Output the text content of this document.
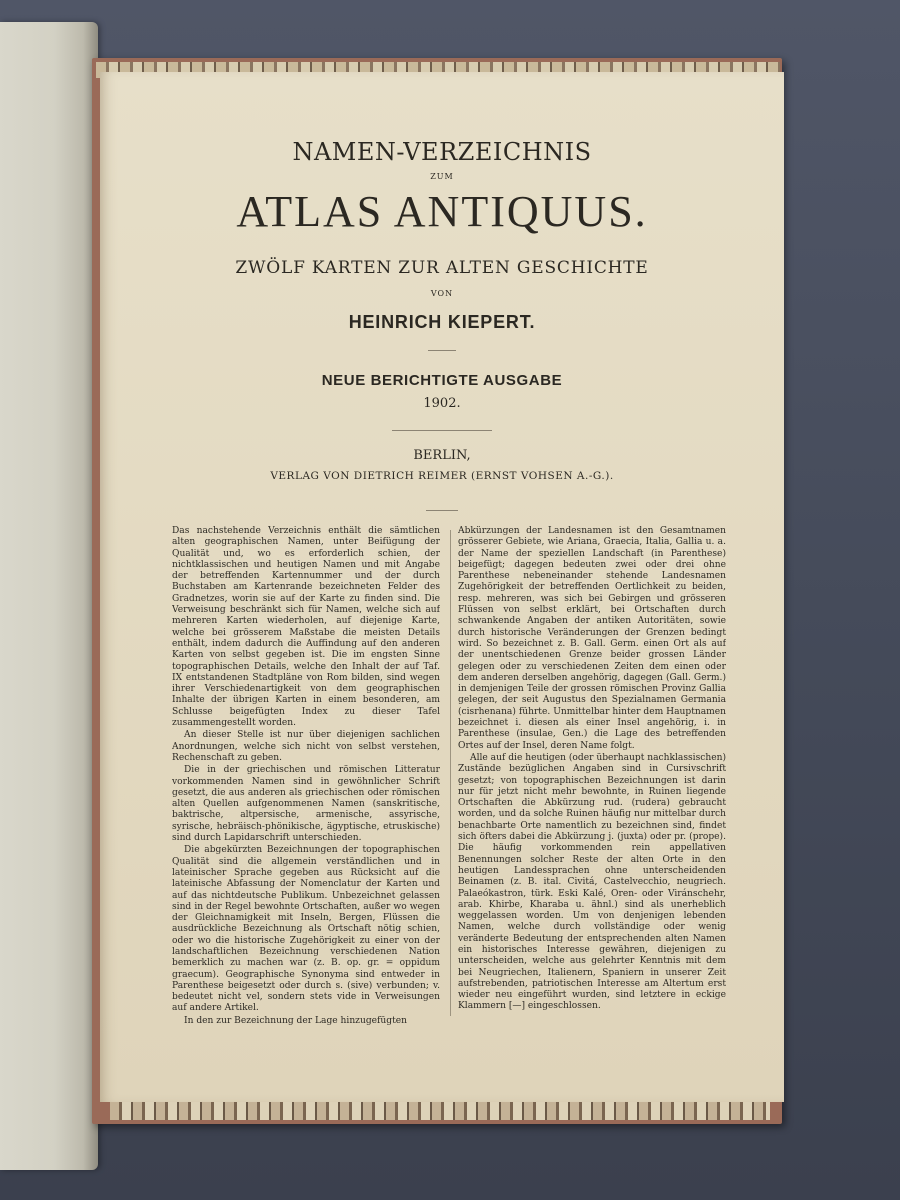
NAMEN-VERZEICHNIS
ZUM
ATLAS ANTIQUUS.
ZWÖLF KARTEN ZUR ALTEN GESCHICHTE
VON
HEINRICH KIEPERT.
NEUE BERICHTIGTE AUSGABE
1902.
BERLIN,
VERLAG VON DIETRICH REIMER (ERNST VOHSEN A.-G.).

Das nachstehende Verzeichnis enthält die sämtlichen alten geographischen Namen, unter Beifügung der Qualität und, wo es erforderlich schien, der nichtklassischen und heutigen Namen und mit Angabe der betreffenden Kartennummer und der durch Buchstaben am Kartenrande bezeichneten Felder des Gradnetzes, worin sie auf der Karte zu finden sind. Die Verweisung beschränkt sich für Namen, welche sich auf mehreren Karten wiederholen, auf diejenige Karte, welche bei grösserem Maßstabe die meisten Details enthält, indem dadurch die Auffindung auf den anderen Karten von selbst gegeben ist. Die im engsten Sinne topographischen Details, welche den Inhalt der auf Taf. IX entstandenen Stadtpläne von Rom bilden, sind wegen ihrer Verschiedenartigkeit von dem geographischen Inhalte der übrigen Karten in einem besonderen, am Schlusse beigefügten Index zu dieser Tafel zusammengestellt worden.

An dieser Stelle ist nur über diejenigen sachlichen Anordnungen, welche sich nicht von selbst verstehen, Rechenschaft zu geben.

Die in der griechischen und römischen Litteratur vorkommenden Namen sind in gewöhnlicher Schrift gesetzt, die aus anderen als griechischen oder römischen alten Quellen aufgenommenen Namen (sanskritische, baktrische, altpersische, armenische, assyrische, syrische, hebräisch-phönikische, ägyptische, etruskische) sind durch Lapidarschrift unterschieden.

Die abgekürzten Bezeichnungen der topographischen Qualität sind die allgemein verständlichen und in lateinischer Sprache gegeben aus Rücksicht auf die lateinische Abfassung der Nomenclatur der Karten und auf das nichtdeutsche Publikum. Unbezeichnet gelassen sind in der Regel bewohnte Ortschaften, außer wo wegen der Gleichnamigkeit mit Inseln, Bergen, Flüssen die ausdrückliche Bezeichnung als Ortschaft nötig schien, oder wo die historische Zugehörigkeit zu einer von der landschaftlichen Bezeichnung verschiedenen Nation bemerklich zu machen war (z. B. op. gr. = oppidum graecum). Geographische Synonyma sind entweder in Parenthese beigesetzt oder durch s. (sive) verbunden; v. bedeutet nicht vel, sondern stets vide in Verweisungen auf andere Artikel.

In den zur Bezeichnung der Lage hinzugefügten

Abkürzungen der Landesnamen ist den Gesamtnamen grösserer Gebiete, wie Ariana, Graecia, Italia, Gallia u. a. der Name der speziellen Landschaft (in Parenthese) beigefügt; dagegen bedeuten zwei oder drei ohne Parenthese nebeneinander stehende Landesnamen Zugehörigkeit der betreffenden Oertlichkeit zu beiden, resp. mehreren, was sich bei Gebirgen und grösseren Flüssen von selbst erklärt, bei Ortschaften durch schwankende Angaben der antiken Autoritäten, sowie durch historische Veränderungen der Grenzen bedingt wird. So bezeichnet z. B. Gall. Germ. einen Ort als auf der unentschiedenen Grenze beider grossen Länder gelegen oder zu verschiedenen Zeiten dem einen oder dem anderen derselben angehörig, dagegen (Gall. Germ.) in demjenigen Teile der grossen römischen Provinz Gallia gelegen, der seit Augustus den Spezialnamen Germania (cisrhenana) führte. Unmittelbar hinter dem Hauptnamen bezeichnet i. diesen als einer Insel angehörig, i. in Parenthese (insulae, Gen.) die Lage des betreffenden Ortes auf der Insel, deren Name folgt.

Alle auf die heutigen (oder überhaupt nachklassischen) Zustände bezüglichen Angaben sind in Cursivschrift gesetzt; von topographischen Bezeichnungen ist darin nur für jetzt nicht mehr bewohnte, in Ruinen liegende Ortschaften die Abkürzung rud. (rudera) gebraucht worden, und da solche Ruinen häufig nur mittelbar durch benachbarte Orte namentlich zu bezeichnen sind, findet sich öfters dabei die Abkürzung j. (juxta) oder pr. (prope). Die häufig vorkommenden rein appellativen Benennungen solcher Reste der alten Orte in den heutigen Landessprachen ohne unterscheidenden Beinamen (z. B. ital. Civitá, Castelvecchio, neugriech. Palaeókastron, türk. Eski Kalé, Oren- oder Viránschehr, arab. Khirbe, Kharaba u. ähnl.) sind als unerheblich weggelassen worden. Um von denjenigen lebenden Namen, welche durch vollständige oder wenig veränderte Bedeutung der entsprechenden alten Namen ein historisches Interesse gewähren, diejenigen zu unterscheiden, welche aus gelehrter Kenntnis mit dem bei Neugriechen, Italienern, Spaniern in unserer Zeit aufstrebenden, patriotischen Interesse am Altertum erst wieder neu eingeführt wurden, sind letztere in eckige Klammern [—] eingeschlossen.
